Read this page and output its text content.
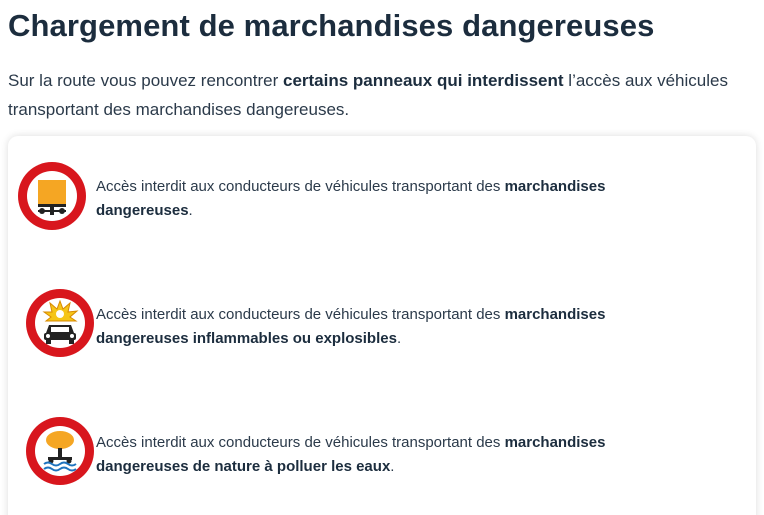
Chargement de marchandises dangereuses

Sur la route vous pouvez rencontrer certains panneaux qui interdissent l’accès aux véhicules transportant des marchandises dangereuses.

Accès interdit aux conducteurs de véhicules transportant des marchandises dangereuses.

Accès interdit aux conducteurs de véhicules transportant des marchandises dangereuses inflammables ou explosibles.

Accès interdit aux conducteurs de véhicules transportant des marchandises dangereuses de nature à polluer les eaux.
